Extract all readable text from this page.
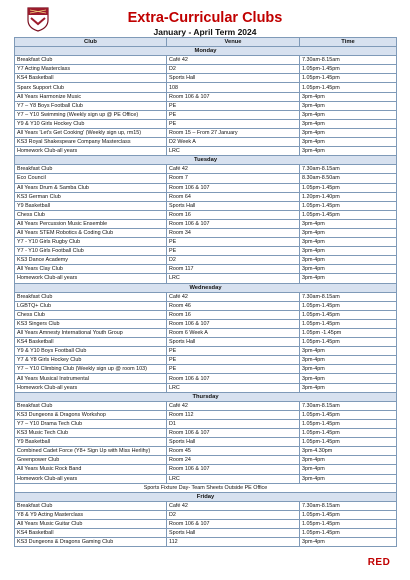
Extra-Curricular Clubs
January - April Term 2024
Club	Venue	Time
Monday		
Breakfast Club	Café 42	7.30am-8.15am
Y7 Acting Masterclass	D2	1.05pm-1.45pm
KS4 Basketball	Sports Hall	1.05pm-1.45pm
Sparx Support Club	108	1.05pm-1.45pm
All Years Harmonize Music	Room 106 & 107	3pm-4pm
Y7 – Y8 Boys Football Club	PE	3pm-4pm
Y7 – Y10 Swimming (Weekly sign up @ PE Office)	PE	3pm-4pm
Y9 & Y10 Girls Hockey Club	PE	3pm-4pm
All Years 'Let's Get Cooking' (Weekly sign up, rm15)	Room 15 – From 27 January	3pm-4pm
KS3 Royal Shakespeare Company Masterclass	D2 Week A	3pm-4pm
Homework Club-all years	LRC	3pm-4pm
Tuesday		
Breakfast Club	Café 42	7.30am-8.15am
Eco Council	Room 7	8.30am-8.50am
All Years Drum & Samba Club	Room 106 & 107	1.05pm-1.45pm
KS3 German Club	Room 64	1.20pm-1.40pm
Y9 Basketball	Sports Hall	1.05pm-1.45pm
Chess Club	Room 16	1.05pm-1.45pm
All Years Percussion Music Ensemble	Room 106 & 107	3pm-4pm
All Years STEM Robotics & Coding Club	Room 34	3pm-4pm
Y7 - Y10 Girls Rugby Club	PE	3pm-4pm
Y7 - Y10 Girls Football Club	PE	3pm-4pm
KS3 Dance Academy	D2	3pm-4pm
All Years Clay Club	Room 117	3pm-4pm
Homework Club-all years	LRC	3pm-4pm
Wednesday		
Breakfast Club	Café 42	7.30am-8.15am
LGBTQ+ Club	Room 46	1.05pm-1.45pm
Chess Club	Room 16	1.05pm-1.45pm
KS3 Singers Club	Room 106 & 107	1.05pm-1.45pm
All Years Amnesty International Youth Group	Room 6 Week A	1.05pm -1.45pm
KS4 Basketball	Sports Hall	1.05pm-1.45pm
Y9 & Y10 Boys Football Club	PE	3pm-4pm
Y7 & Y8 Girls Hockey Club	PE	3pm-4pm
Y7 – Y10 Climbing Club (Weekly sign up @ room 103)	PE	3pm-4pm
All Years Musical Instrumental	Room 106 & 107	3pm-4pm
Homework Club-all years	LRC	3pm-4pm
Thursday		
Breakfast Club	Café 42	7.30am-8.15am
KS3 Dungeons & Dragons Workshop	Room 112	1.05pm-1.45pm
Y7 – Y10 Drama Tech Club	D1	1.05pm-1.45pm
KS3 Music Tech Club	Room 106 & 107	1.05pm-1.45pm
Y9 Basketball	Sports Hall	1.05pm-1.45pm
Combined Cadet Force (Y8+ Sign Up with Miss Herlihy)	Room 45	3pm-4.30pm
Greenpower Club	Room 24	3pm-4pm
All Years Music Rock Band	Room 106 & 107	3pm-4pm
Homework Club-all years	LRC	3pm-4pm
Sports Fixture Day- Team Sheets Outside PE Office		
Friday		
Breakfast Club	Café 42	7.30am-8.15am
Y8 & Y9 Acting Masterclass	D2	1.05pm-1.45pm
All Years Music Guitar Club	Room 106 & 107	1.05pm-1.45pm
KS4 Basketball	Sports Hall	1.05pm-1.45pm
KS3 Dungeons & Dragons Gaming Club	112	3pm-4pm
RED
